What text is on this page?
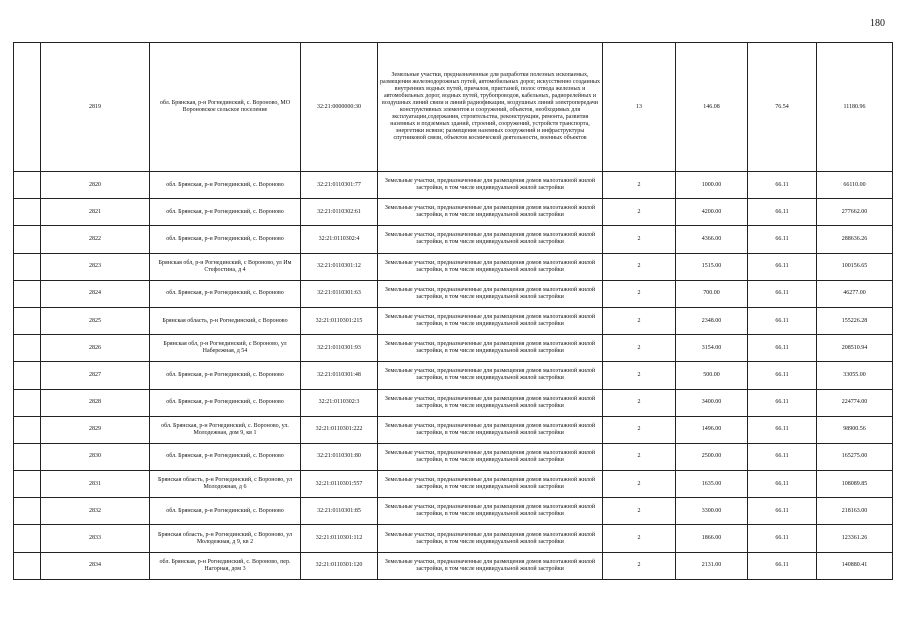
180
	2819	обл. Брянская, р-н Рогнединский, с. Вороново, МО Вороновское сельское поселение	32:21:0000000:30	Земельные участки, предназначенные для разработки полезных ископаемых, размещения железнодорожных путей, автомобильных дорог, искусственно созданных внутренних водных путей, причалов, пристаней, полос отвода железных и автомобильных дорог, водных путей, трубопроводов, кабельных, радиорелейных и воздушных линий связи и линий радиофикации, воздушных линий электропередачи конструктивных элементов и сооружений, объектов, необходимых для эксплуатации,содержания, строительства, реконструкции, ремонта, развития наземных и подземных зданий, строений, сооружений, устройств транспорта, энергетики исвязи; размещения наземных сооружений и инфраструктуры спутниковой связи, объектов космической деятельности, военных объектов	13	146.08	76.54	11180.96
	2820	обл. Брянская, р-н Рогнединский, с. Вороново	32:21:0110301:77	Земельные участки, предназначенные для размещения домов малоэтажной жилой застройки, в том числе индивидуальной жилой застройки	2	1000.00	66.11	66110.00
	2821	обл. Брянская, р-н Рогнединский, с. Вороново	32:21:0110302:61	Земельные участки, предназначенные для размещения домов малоэтажной жилой застройки, в том числе индивидуальной жилой застройки	2	4200.00	66.11	277662.00
	2822	обл. Брянская, р-н Рогнединский, с. Вороново	32:21:0110302:4	Земельные участки, предназначенные для размещения домов малоэтажной жилой застройки, в том числе индивидуальной жилой застройки	2	4366.00	66.11	288636.26
	2823	Брянская обл, р-н Рогнединский, с Вороново, ул Им Стефостина, д 4	32:21:0110301:12	Земельные участки, предназначенные для размещения домов малоэтажной жилой застройки, в том числе индивидуальной жилой застройки	2	1515.00	66.11	100156.65
	2824	обл. Брянская, р-н Рогнединский, с. Вороново	32:21:0110301:63	Земельные участки, предназначенные для размещения домов малоэтажной жилой застройки, в том числе индивидуальной жилой застройки	2	700.00	66.11	46277.00
	2825	Брянская область, р-н Рогнединский, с Вороново	32:21:0110301:215	Земельные участки, предназначенные для размещения домов малоэтажной жилой застройки, в том числе индивидуальной жилой застройки	2	2348.00	66.11	155226.28
	2826	Брянская обл, р-н Рогнединский, с Вороново, ул Набережная, д 54	32:21:0110301:93	Земельные участки, предназначенные для размещения домов малоэтажной жилой застройки, в том числе индивидуальной жилой застройки	2	3154.00	66.11	208510.94
	2827	обл. Брянская, р-н Рогнединский, с. Вороново	32:21:0110301:48	Земельные участки, предназначенные для размещения домов малоэтажной жилой застройки, в том числе индивидуальной жилой застройки	2	500.00	66.11	33055.00
	2828	обл. Брянская, р-н Рогнединский, с. Вороново	32:21:0110302:3	Земельные участки, предназначенные для размещения домов малоэтажной жилой застройки, в том числе индивидуальной жилой застройки	2	3400.00	66.11	224774.00
	2829	обл. Брянская, р-н Рогнединский, с. Вороново, ул. Молодежная, дом 9, кв 1	32:21:0110301:222	Земельные участки, предназначенные для размещения домов малоэтажной жилой застройки, в том числе индивидуальной жилой застройки	2	1496.00	66.11	98900.56
	2830	обл. Брянская, р-н Рогнединский, с. Вороново	32:21:0110301:80	Земельные участки, предназначенные для размещения домов малоэтажной жилой застройки, в том числе индивидуальной жилой застройки	2	2500.00	66.11	165275.00
	2831	Брянская область, р-н Рогнединский, с Вороново, ул Молодежная, д 6	32:21:0110301:557	Земельные участки, предназначенные для размещения домов малоэтажной жилой застройки, в том числе индивидуальной жилой застройки	2	1635.00	66.11	108089.85
	2832	обл. Брянская, р-н Рогнединский, с. Вороново	32:21:0110301:85	Земельные участки, предназначенные для размещения домов малоэтажной жилой застройки, в том числе индивидуальной жилой застройки	2	3300.00	66.11	218163.00
	2833	Брянская область, р-н Рогнединский, с Вороново, ул Молодежная, д 9, кв 2	32:21:0110301:112	Земельные участки, предназначенные для размещения домов малоэтажной жилой застройки, в том числе индивидуальной жилой застройки	2	1866.00	66.11	123361.26
	2834	обл. Брянская, р-н Рогнединский, с. Вороново, пер. Нагорная, дом 3	32:21:0110301:120	Земельные участки, предназначенные для размещения домов малоэтажной жилой застройки, в том числе индивидуальной жилой застройки	2	2131.00	66.11	140880.41
